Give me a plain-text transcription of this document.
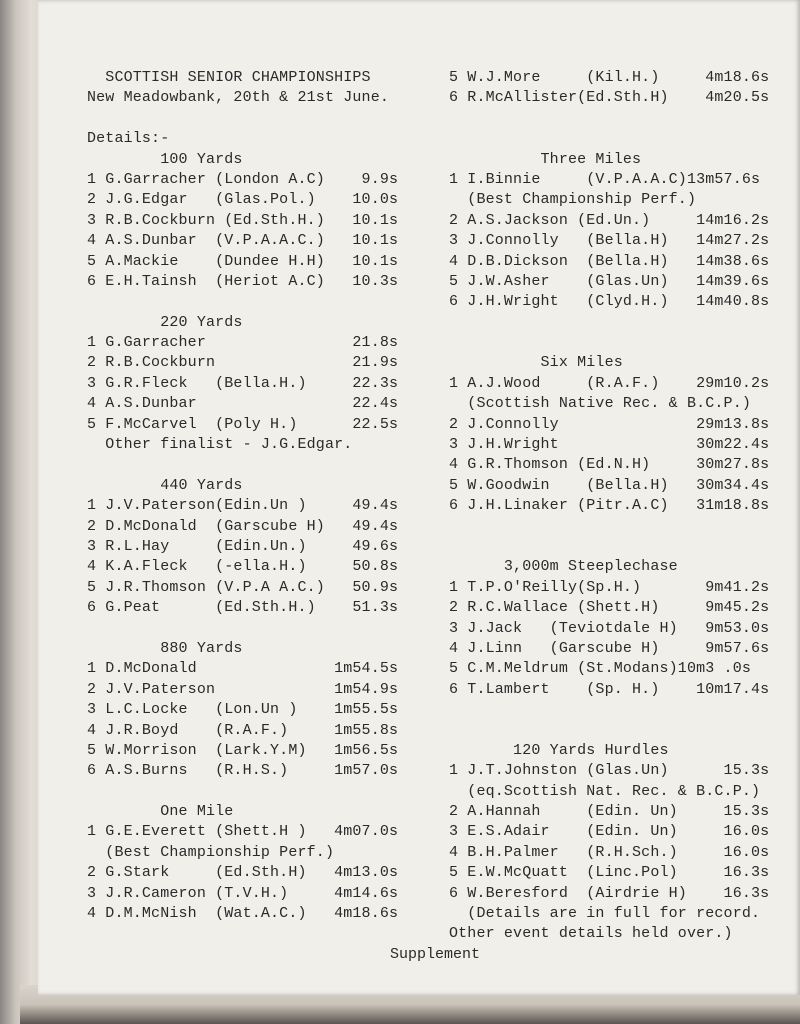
SCOTTISH SENIOR CHAMPIONSHIPS
New Meadowbank, 20th & 21st June.
Details:-
100 Yards
1 G.Garracher (London A.C)    9.9s
2 J.G.Edgar   (Glas.Pol.)    10.0s
3 R.B.Cockburn (Ed.Sth.H.)   10.1s
4 A.S.Dunbar  (V.P.A.A.C.)   10.1s
5 A.Mackie    (Dundee H.H)   10.1s
6 E.H.Tainsh  (Heriot A.C)   10.3s
220 Yards
1 G.Garracher                21.8s
2 R.B.Cockburn               21.9s
3 G.R.Fleck   (Bella.H.)     22.3s
4 A.S.Dunbar                 22.4s
5 F.McCarvel  (Poly H.)      22.5s
Other finalist - J.G.Edgar.
440 Yards
1 J.V.Paterson(Edin.Un )     49.4s
2 D.McDonald  (Garscube H)   49.4s
3 R.L.Hay     (Edin.Un.)     49.6s
4 K.A.Fleck   (-ella.H.)     50.8s
5 J.R.Thomson (V.P.A A.C.)   50.9s
6 G.Peat      (Ed.Sth.H.)    51.3s
880 Yards
1 D.McDonald               1m54.5s
2 J.V.Paterson             1m54.9s
3 L.C.Locke   (Lon.Un )    1m55.5s
4 J.R.Boyd    (R.A.F.)     1m55.8s
5 W.Morrison  (Lark.Y.M)   1m56.5s
6 A.S.Burns   (R.H.S.)     1m57.0s
One Mile
1 G.E.Everett (Shett.H )   4m07.0s
(Best Championship Perf.)
2 G.Stark     (Ed.Sth.H)   4m13.0s
3 J.R.Cameron (T.V.H.)     4m14.6s
4 D.M.McNish  (Wat.A.C.)   4m18.6s
5 W.J.More     (Kil.H.)     4m18.6s
6 R.McAllister(Ed.Sth.H)    4m20.5s
Three Miles
1 I.Binnie     (V.P.A.A.C)13m57.6s
(Best Championship Perf.)
2 A.S.Jackson (Ed.Un.)     14m16.2s
3 J.Connolly   (Bella.H)   14m27.2s
4 D.B.Dickson  (Bella.H)   14m38.6s
5 J.W.Asher    (Glas.Un)   14m39.6s
6 J.H.Wright   (Clyd.H.)   14m40.8s
Six Miles
1 A.J.Wood     (R.A.F.)    29m10.2s
(Scottish Native Rec. & B.C.P.)
2 J.Connolly               29m13.8s
3 J.H.Wright               30m22.4s
4 G.R.Thomson (Ed.N.H)     30m27.8s
5 W.Goodwin    (Bella.H)   30m34.4s
6 J.H.Linaker (Pitr.A.C)   31m18.8s
3,000m Steeplechase
1 T.P.O'Reilly(Sp.H.)       9m41.2s
2 R.C.Wallace (Shett.H)     9m45.2s
3 J.Jack   (Teviotdale H)   9m53.0s
4 J.Linn   (Garscube H)     9m57.6s
5 C.M.Meldrum (St.Modans)10m3 .0s
6 T.Lambert    (Sp. H.)    10m17.4s
120 Yards Hurdles
1 J.T.Johnston (Glas.Un)      15.3s
(eq.Scottish Nat. Rec. & B.C.P.)
2 A.Hannah     (Edin. Un)     15.3s
3 E.S.Adair    (Edin. Un)     16.0s
4 B.H.Palmer   (R.H.Sch.)     16.0s
5 E.W.McQuatt  (Linc.Pol)     16.3s
6 W.Beresford  (Airdrie H)    16.3s
(Details are in full for record.
Other event details held over.)
Supplement
